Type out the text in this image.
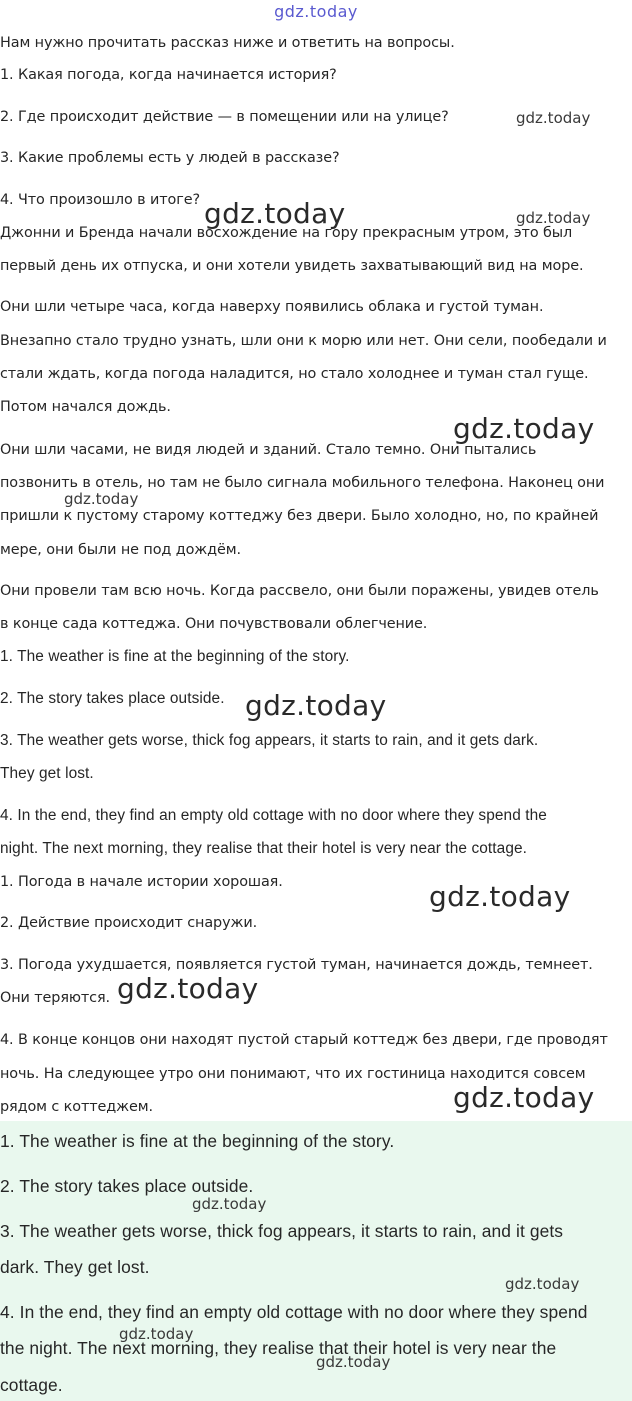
gdz.today
Нам нужно прочитать рассказ ниже и ответить на вопросы.
1. Какая погода, когда начинается история?
2. Где происходит действие — в помещении или на улице?
3. Какие проблемы есть у людей в рассказе?
4. Что произошло в итоге?
Джонни и Бренда начали восхождение на гору прекрасным утром, это был
первый день их отпуска, и они хотели увидеть захватывающий вид на море.
Они шли четыре часа, когда наверху появились облака и густой туман.
Внезапно стало трудно узнать, шли они к морю или нет. Они сели, пообедали и
стали ждать, когда погода наладится, но стало холоднее и туман стал гуще.
Потом начался дождь.
Они шли часами, не видя людей и зданий. Стало темно. Они пытались
позвонить в отель, но там не было сигнала мобильного телефона. Наконец они
пришли к пустому старому коттеджу без двери. Было холодно, но, по крайней
мере, они были не под дождём.
Они провели там всю ночь. Когда рассвело, они были поражены, увидев отель
в конце сада коттеджа. Они почувствовали облегчение.
1. The weather is fine at the beginning of the story.
2. The story takes place outside.
3. The weather gets worse, thick fog appears, it starts to rain, and it gets dark.
They get lost.
4. In the end, they find an empty old cottage with no door where they spend the
night. The next morning, they realise that their hotel is very near the cottage.
1. Погода в начале истории хорошая.
2. Действие происходит снаружи.
3. Погода ухудшается, появляется густой туман, начинается дождь, темнеет.
Они теряются.
4. В конце концов они находят пустой старый коттедж без двери, где проводят
ночь. На следующее утро они понимают, что их гостиница находится совсем
рядом с коттеджем.
1. The weather is fine at the beginning of the story.
2. The story takes place outside.
3. The weather gets worse, thick fog appears, it starts to rain, and it gets
dark. They get lost.
4. In the end, they find an empty old cottage with no door where they spend
the night. The next morning, they realise that their hotel is very near the
cottage.
gdz.today
gdz.today	gdz.today
gdz.today
gdz.today
gdz.today
gdz.today
gdz.today
gdz.today
gdz.today
gdz.today
gdz.today
gdz.today
